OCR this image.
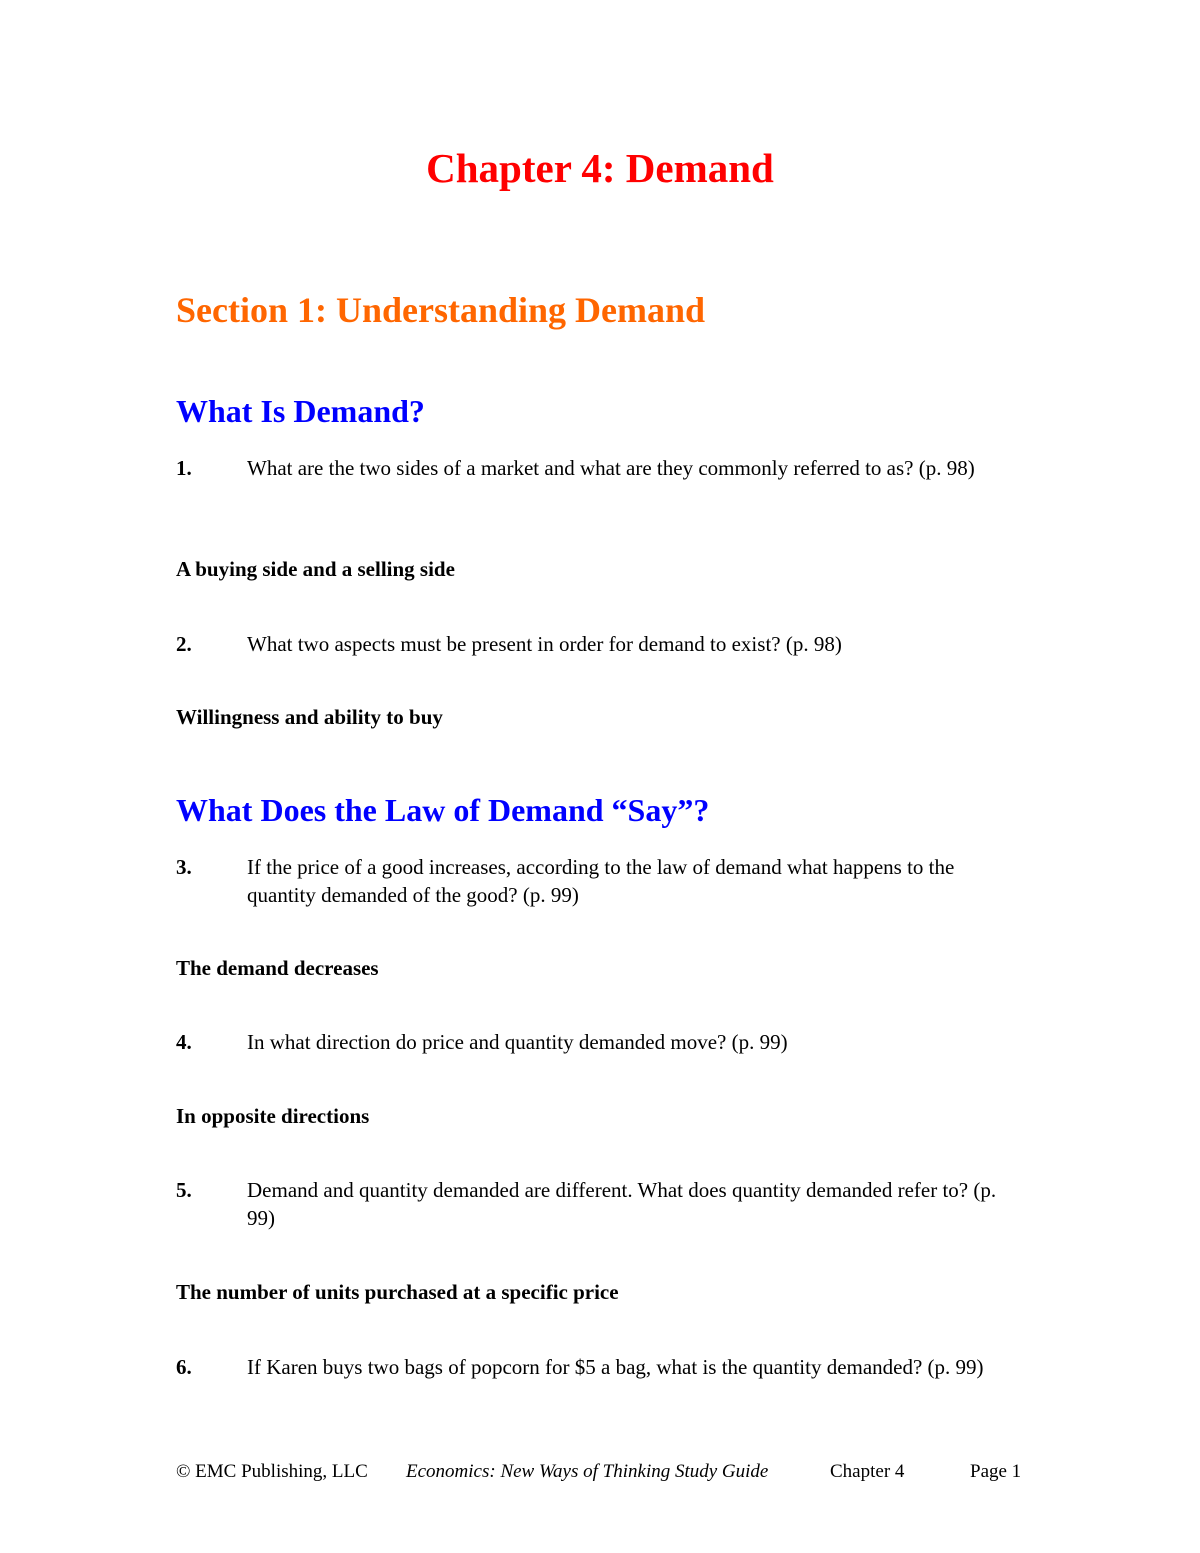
Chapter 4: Demand
Section 1: Understanding Demand
What Is Demand?
1.	What are the two sides of a market and what are they commonly referred to as? (p. 98)
A buying side and a selling side
2.	What two aspects must be present in order for demand to exist? (p. 98)
Willingness and ability to buy
What Does the Law of Demand “Say”?
3.	If the price of a good increases, according to the law of demand what happens to the quantity demanded of the good? (p. 99)
The demand decreases
4.	In what direction do price and quantity demanded move? (p. 99)
In opposite directions
5.	Demand and quantity demanded are different. What does quantity demanded refer to? (p. 99)
The number of units purchased at a specific price
6.	If Karen buys two bags of popcorn for $5 a bag, what is the quantity demanded? (p. 99)
© EMC Publishing, LLC Economics: New Ways of Thinking Study Guide	Chapter 4	Page 1
